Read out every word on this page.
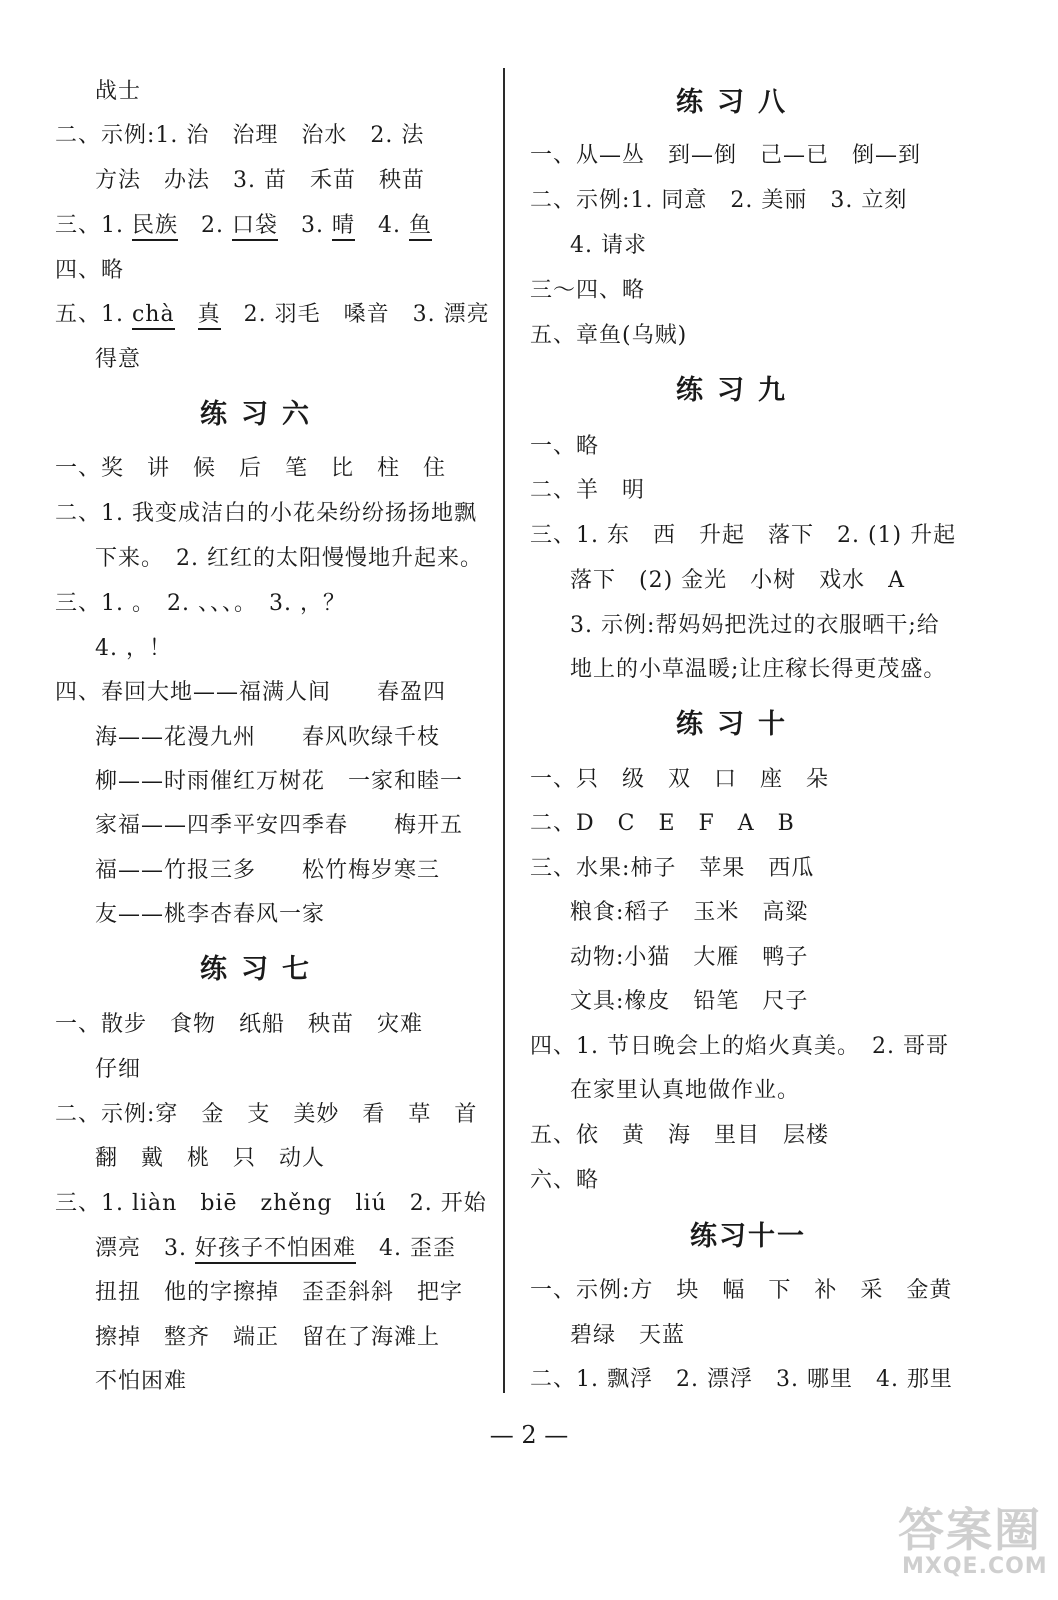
战士
二、示例:1. 治　治理　治水　2. 法
方法　办法　3. 苗　禾苗　秧苗
三、1. 民族　 2. 口袋　 3. 晴　 4. 鱼
四、略
五、1. chà　 真　 2. 羽毛　嗓音　3. 漂亮
得意
练习六
一、奖　讲　候　后　笔　比　柱　住
二、1. 我变成洁白的小花朵纷纷扬扬地飘
下来。　2. 红红的太阳慢慢地升起来。
三、1. 。　2. 、、、。　3. ，？
4. ，！
四、春回大地——福满人间　　春盈四
海——花漫九州　　春风吹绿千枝
柳——时雨催红万树花　一家和睦一
家福——四季平安四季春　　梅开五
福——竹报三多　　松竹梅岁寒三
友——桃李杏春风一家
练习七
一、散步　食物　纸船　秧苗　灾难
仔细
二、示例:穿　金　支　美妙　看　草　首
翻　戴　桃　只　动人
三、1. liàn　biē　zhěng　liú　2. 开始
漂亮　3. 好孩子不怕困难　4. 歪歪
扭扭　他的字擦掉　歪歪斜斜　把字
擦掉　整齐　端正　留在了海滩上
不怕困难
练习八
一、从—丛　到—倒　己—已　倒—到
二、示例:1. 同意　2. 美丽　3. 立刻
4. 请求
三～四、略
五、章鱼(乌贼)
练习九
一、略
二、羊　明
三、1. 东　西　升起　落下　2. (1) 升起
落下　(2) 金光　小树　戏水　A
3. 示例:帮妈妈把洗过的衣服晒干;给
地上的小草温暖;让庄稼长得更茂盛。
练习十
一、只　级　双　口　座　朵
二、D　C　E　F　A　B
三、水果:柿子　苹果　西瓜
粮食:稻子　玉米　高粱
动物:小猫　大雁　鸭子
文具:橡皮　铅笔　尺子
四、1. 节日晚会上的焰火真美。　2. 哥哥
在家里认真地做作业。
五、依　黄　海　里目　层楼
六、略
练习十一
一、示例:方　块　幅　下　补　采　金黄
碧绿　天蓝
二、1. 飘浮　2. 漂浮　3. 哪里　4. 那里
— 2 —
答案圈
MXQE.COM
